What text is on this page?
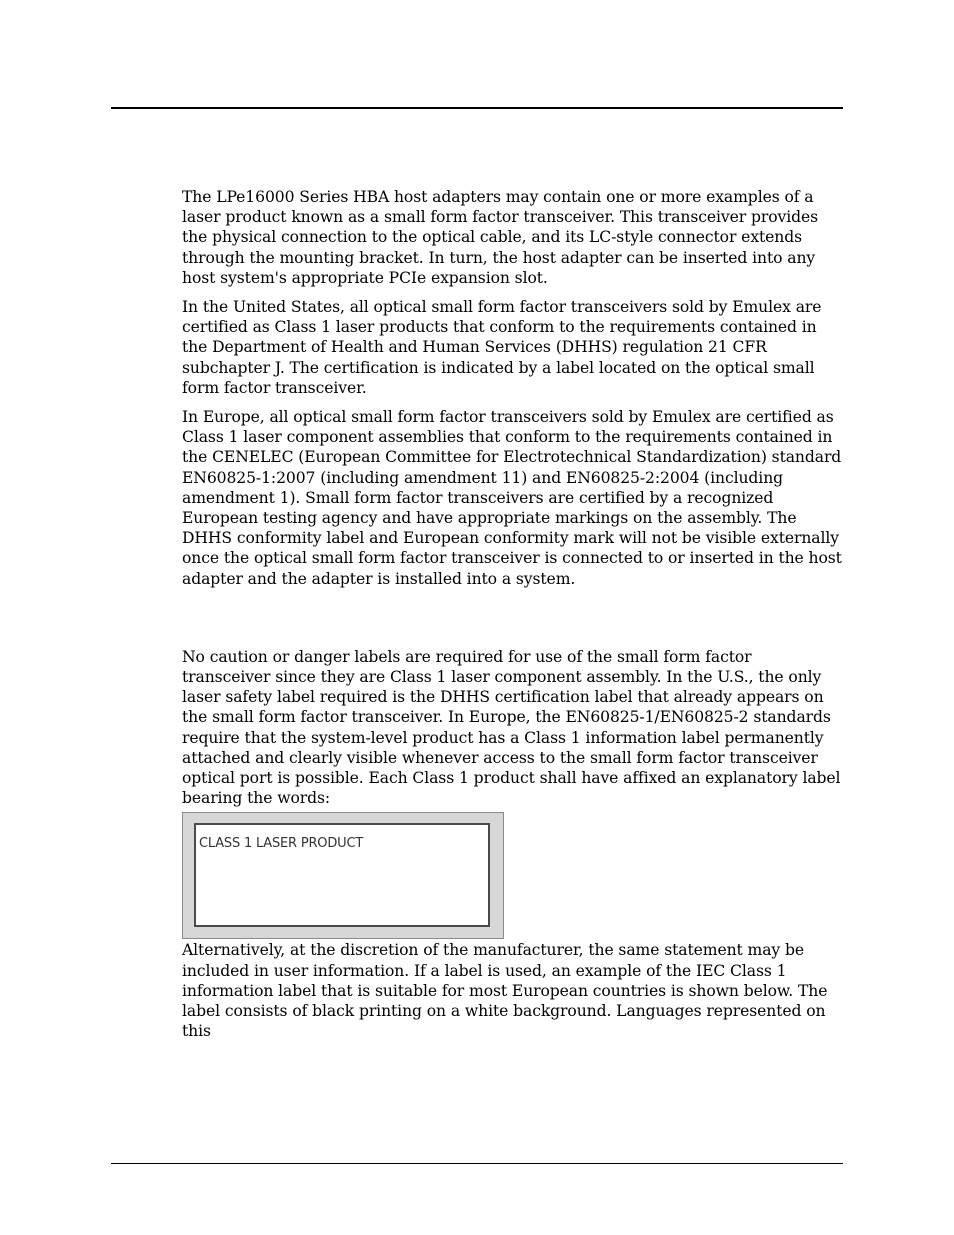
The LPe16000 Series HBA host adapters may contain one or more examples of a laser product known as a small form factor transceiver. This transceiver provides the physical connection to the optical cable, and its LC-style connector extends through the mounting bracket. In turn, the host adapter can be inserted into any host system's appropriate PCIe expansion slot.

In the United States, all optical small form factor transceivers sold by Emulex are certified as Class 1 laser products that conform to the requirements contained in the Department of Health and Human Services (DHHS) regulation 21 CFR subchapter J. The certification is indicated by a label located on the optical small form factor transceiver.

In Europe, all optical small form factor transceivers sold by Emulex are certified as Class 1 laser component assemblies that conform to the requirements contained in the CENELEC (European Committee for Electrotechnical Standardization) standard EN60825-1:2007 (including amendment 11) and EN60825-2:2004 (including amendment 1). Small form factor transceivers are certified by a recognized European testing agency and have appropriate markings on the assembly. The DHHS conformity label and European conformity mark will not be visible externally once the optical small form factor transceiver is connected to or inserted in the host adapter and the adapter is installed into a system.

No caution or danger labels are required for use of the small form factor transceiver since they are Class 1 laser component assembly. In the U.S., the only laser safety label required is the DHHS certification label that already appears on the small form factor transceiver. In Europe, the EN60825-1/EN60825-2 standards require that the system-level product has a Class 1 information label permanently attached and clearly visible whenever access to the small form factor transceiver optical port is possible. Each Class 1 product shall have affixed an explanatory label bearing the words:

CLASS 1 LASER PRODUCT

Alternatively, at the discretion of the manufacturer, the same statement may be included in user information. If a label is used, an example of the IEC Class 1 information label that is suitable for most European countries is shown below. The label consists of black printing on a white background. Languages represented on this
